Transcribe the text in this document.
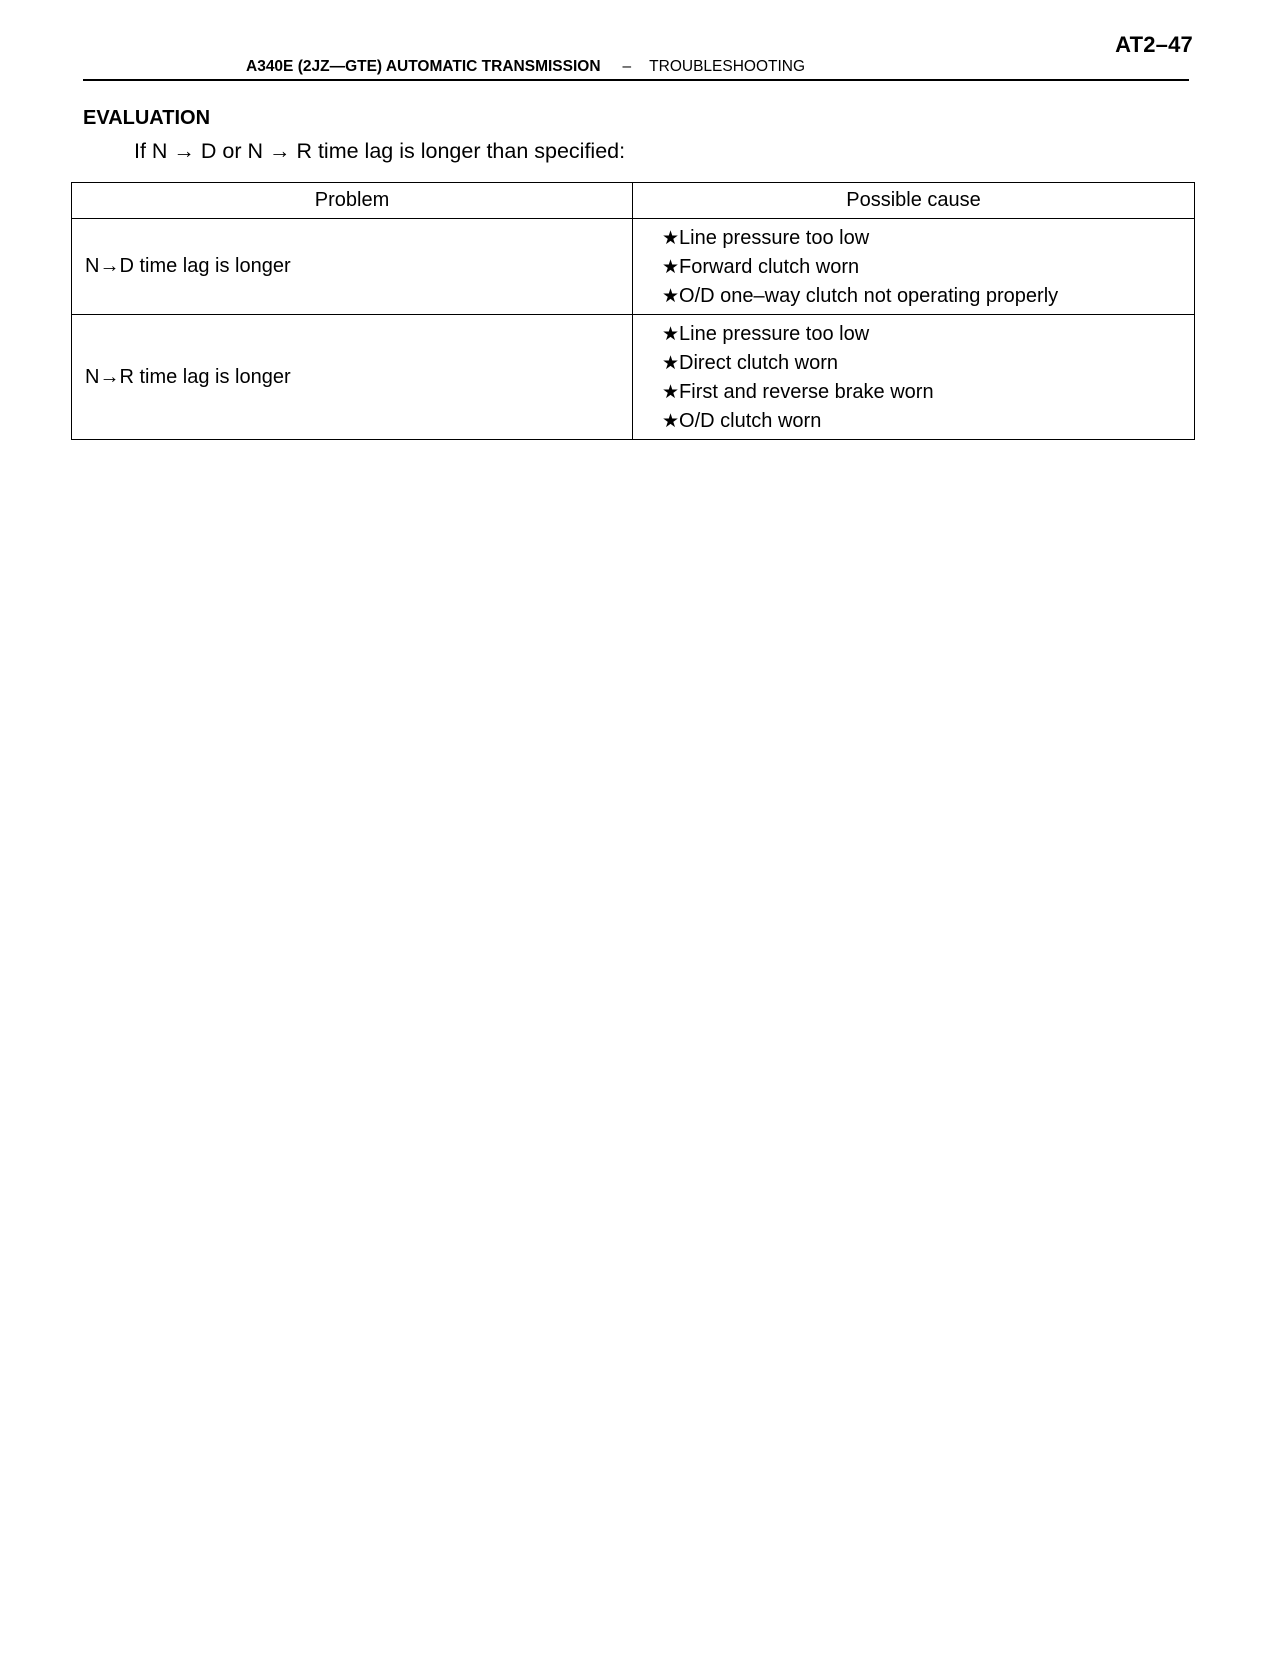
AT2–47
A340E (2JZ—GTE) AUTOMATIC TRANSMISSION – TROUBLESHOOTING
EVALUATION
If N → D or N → R time lag is longer than specified:
Problem	Possible cause
N→D time lag is longer	★Line pressure too low
★Forward clutch worn
★O/D one–way clutch not operating properly

N→R time lag is longer	★Line pressure too low
★Direct clutch worn
★First and reverse brake worn
★O/D clutch worn
